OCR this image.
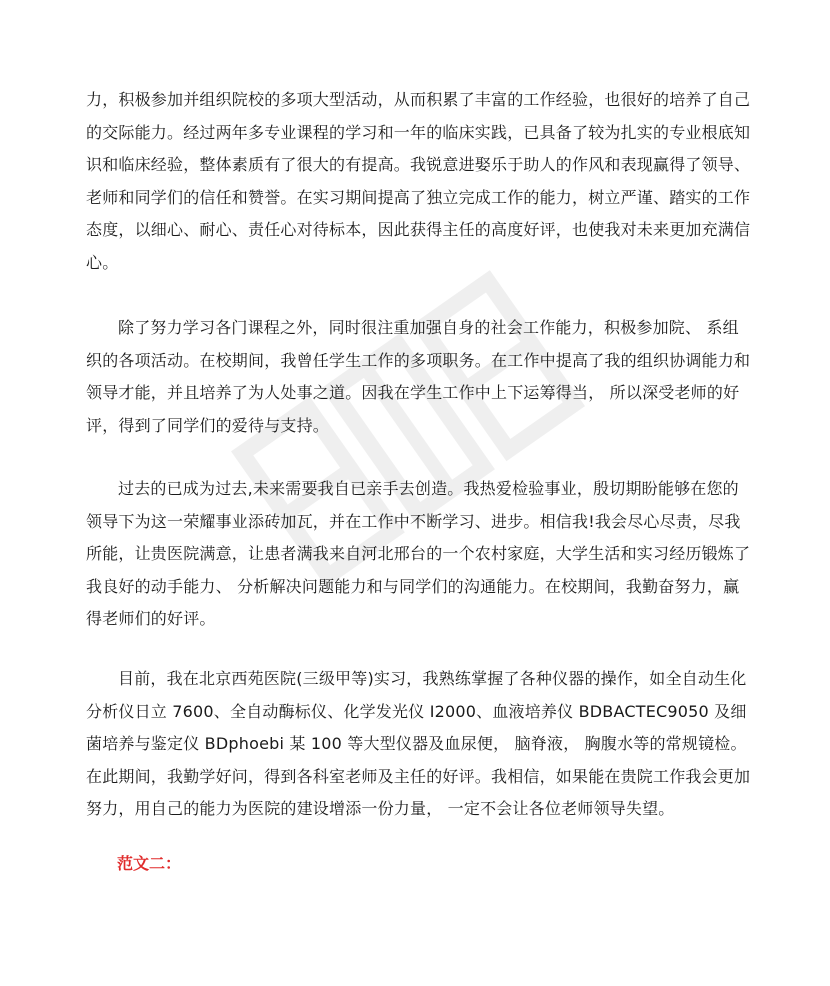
力，积极参加并组织院校的多项大型活动，从而积累了丰富的工作经验，也很好的培养了自己的交际能力。经过两年多专业课程的学习和一年的临床实践，已具备了较为扎实的专业根底知识和临床经验，整体素质有了很大的有提高。我锐意进娶乐于助人的作风和表现赢得了领导、老师和同学们的信任和赞誉。在实习期间提高了独立完成工作的能力，树立严谨、踏实的工作态度，以细心、耐心、责任心对待标本，因此获得主任的高度好评，也使我对未来更加充满信心。

除了努力学习各门课程之外，同时很注重加强自身的社会工作能力，积极参加院、 系组织的各项活动。在校期间，我曾任学生工作的多项职务。在工作中提高了我的组织协调能力和领导才能，并且培养了为人处事之道。因我在学生工作中上下运筹得当， 所以深受老师的好评，得到了同学们的爱待与支持。

过去的已成为过去,未来需要我自已亲手去创造。我热爱检验事业，殷切期盼能够在您的领导下为这一荣耀事业添砖加瓦，并在工作中不断学习、进步。相信我!我会尽心尽责，尽我所能，让贵医院满意，让患者满我来自河北邢台的一个农村家庭，大学生活和实习经历锻炼了我良好的动手能力、 分析解决问题能力和与同学们的沟通能力。在校期间，我勤奋努力，赢得老师们的好评。

目前，我在北京西苑医院(三级甲等)实习，我熟练掌握了各种仪器的操作，如全自动生化分析仪日立 7600、全自动酶标仪、化学发光仪 I2000、血液培养仪 BDBACTEC9050 及细菌培养与鉴定仪 BDphoebi 某 100 等大型仪器及血尿便， 脑脊液， 胸腹水等的常规镜检。在此期间，我勤学好问，得到各科室老师及主任的好评。我相信，如果能在贵院工作我会更加努力，用自己的能力为医院的建设增添一份力量， 一定不会让各位老师领导失望。

范文二：
